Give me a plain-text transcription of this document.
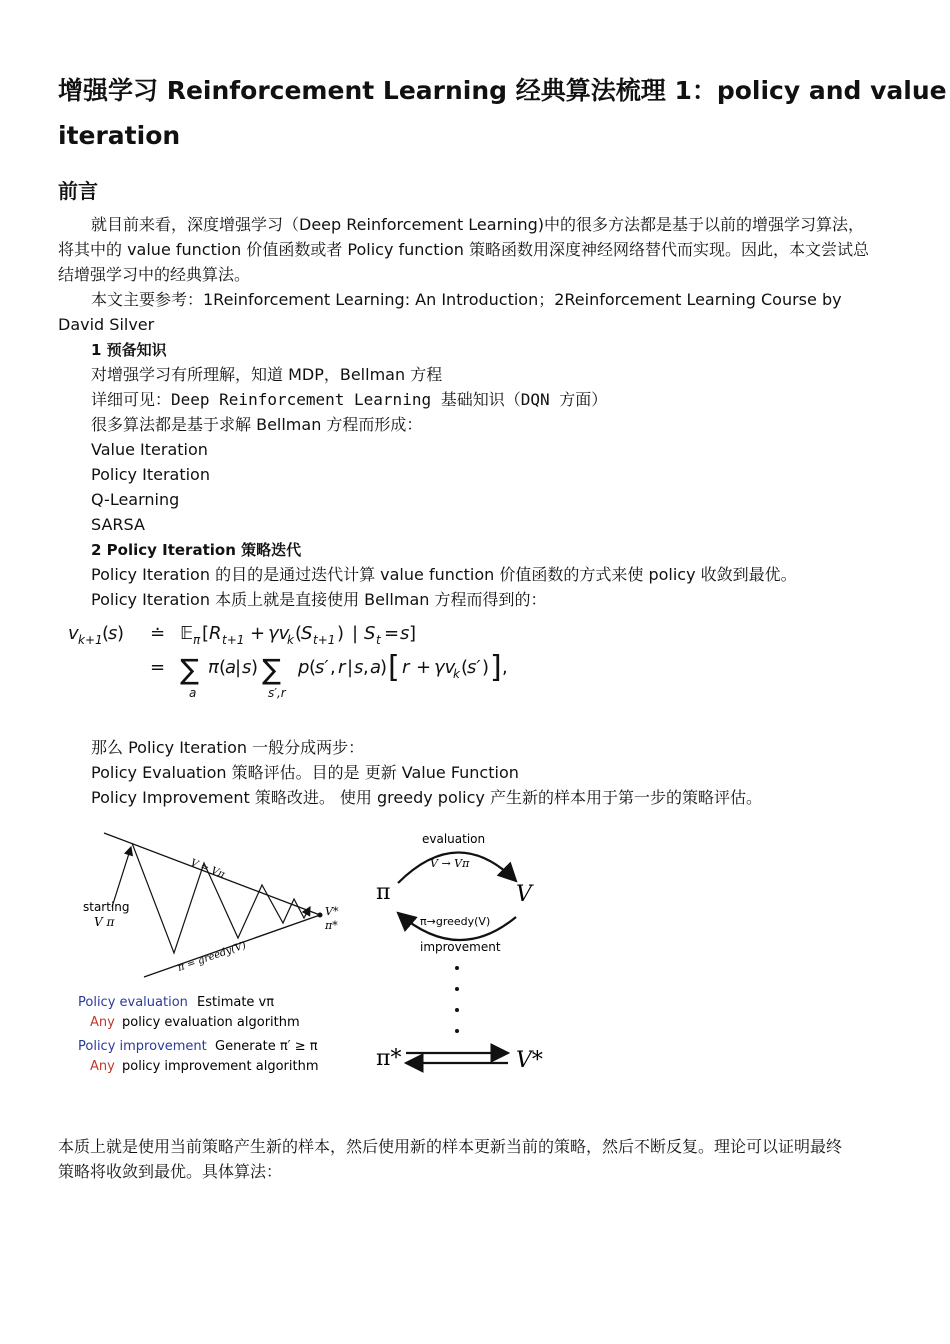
增强学习 Reinforcement Learning 经典算法梳理 1：policy and value
iteration
前言
就目前来看，深度增强学习（Deep Reinforcement Learning)中的很多方法都是基于以前的增强学习算法，
将其中的 value function 价值函数或者 Policy function 策略函数用深度神经网络替代而实现。因此，本文尝试总
结增强学习中的经典算法。
本文主要参考：1Reinforcement Learning: An Introduction；2Reinforcement Learning Course by
David Silver
1 预备知识
对增强学习有所理解，知道 MDP，Bellman 方程
详细可见：Deep Reinforcement Learning 基础知识（DQN 方面）
很多算法都是基于求解 Bellman 方程而形成：
Value Iteration
Policy Iteration
Q-Learning
SARSA
2 Policy Iteration 策略迭代
Policy Iteration 的目的是通过迭代计算 value function 价值函数的方式来使 policy 收敛到最优。
Policy Iteration 本质上就是直接使用 Bellman 方程而得到的：
v k+1 (
s ) ≐ 𝔼 π [ R t+1 + γv
k (
S t+1 ) | S t = s ]
= ∑
a
π (
a
| s ) ∑
s′,r
p (
s′ , r | s , a
) [ r + γv
k (
s′ ) ] ,
那么 Policy Iteration 一般分成两步：
Policy Evaluation 策略评估。目的是 更新 Value Function
Policy Improvement 策略改进。 使用 greedy policy 产生新的样本用于第一步的策略评估。
starting
V π
V = Vπ
π = greedy(V)
V*
π*
Policy evaluation Estimate vπ
Any policy evaluation algorithm
Policy improvement Generate π′ ≥ π
Any policy improvement algorithm
evaluation
V → Vπ
π	V
π→greedy(V)
improvement
π*	V*
本质上就是使用当前策略产生新的样本，然后使用新的样本更新当前的策略，然后不断反复。理论可以证明最终
策略将收敛到最优。具体算法：
